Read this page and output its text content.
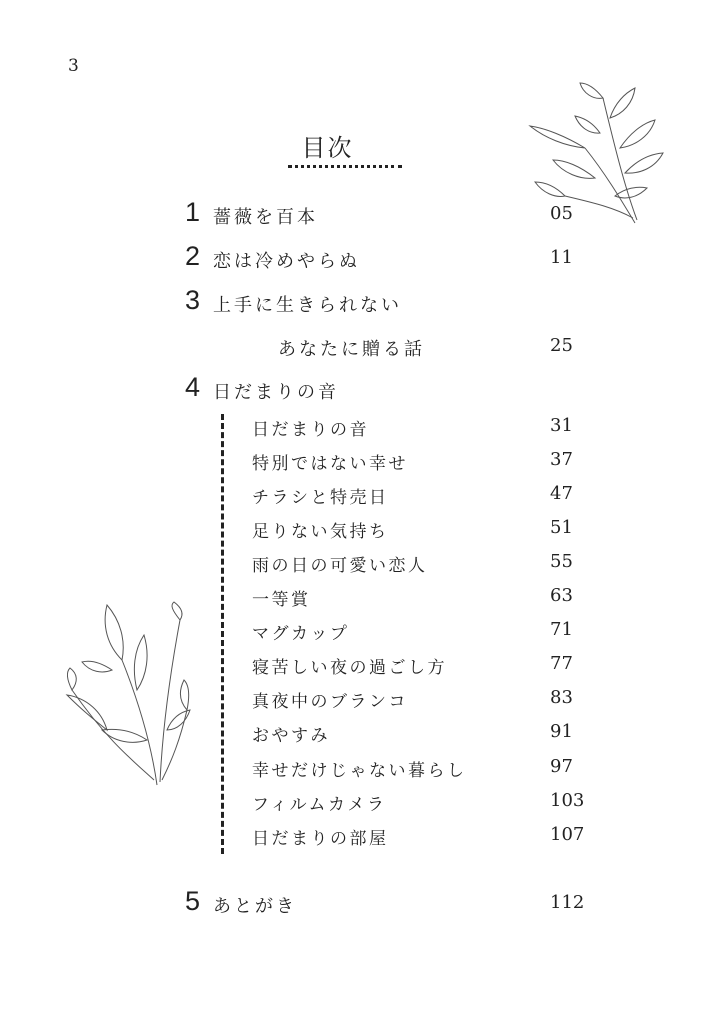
3
目次
1 薔薇を百本	05
2 恋は冷めやらぬ	11
3 上手に生きられない
あなたに贈る話	25
4 日だまりの音
日だまりの音	31
特別ではない幸せ	37
チラシと特売日	47
足りない気持ち	51
雨の日の可愛い恋人	55
一等賞	63
マグカップ	71
寝苦しい夜の過ごし方	77
真夜中のブランコ	83
おやすみ	91
幸せだけじゃない暮らし	97
フィルムカメラ	103
日だまりの部屋	107
5 あとがき	112
